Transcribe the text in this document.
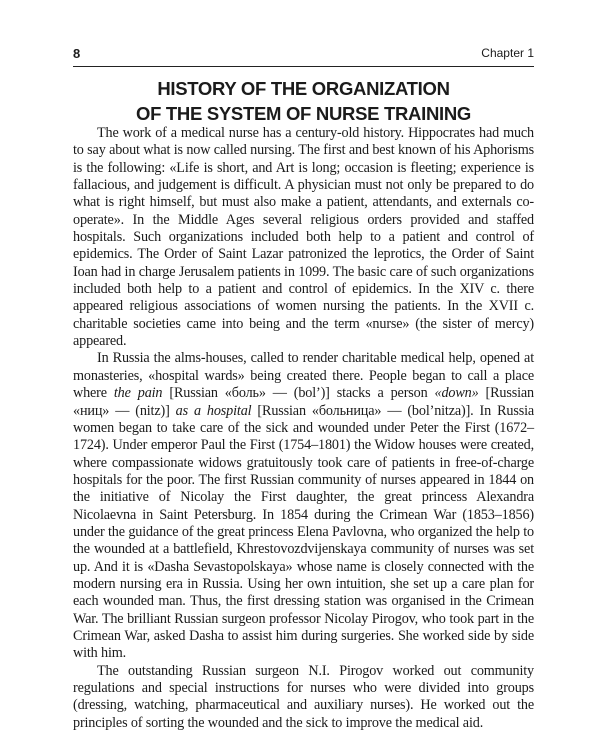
8	Chapter 1
HISTORY OF THE ORGANIZATION
OF THE SYSTEM OF NURSE TRAINING

The work of a medical nurse has a century-old history. Hippocrates had much to say about what is now called nursing. The first and best known of his Aphorisms is the following: «Life is short, and Art is long; occasion is fleeting; experience is fallacious, and judgement is difficult. A physician must not only be prepared to do what is right himself, but must also make a patient, attendants, and externals co-operate». In the Middle Ages several religious orders provided and staffed hospitals. Such organizations included both help to a patient and control of epidemics. The Order of Saint Lazar patronized the leprotics, the Order of Saint Ioan had in charge Jerusalem patients in 1099. The basic care of such organizations included both help to a patient and control of epidemics. In the XIV c. there appeared religious associations of women nursing the patients. In the XVII c. charitable societies came into being and the term «nurse» (the sister of mercy) appeared.

In Russia the alms-houses, called to render charitable medical help, opened at monasteries, «hospital wards» being created there. People began to call a place where the pain [Russian «боль» — (bol’)] stacks a person «down» [Russian «ниц» — (nitz)] as a hospital [Russian «больница» — (bol’nitza)]. In Russia women began to take care of the sick and wounded under Peter the First (1672–1724). Under emperor Paul the First (1754–1801) the Widow houses were created, where compassionate widows gratuitously took care of patients in free-of-charge hospitals for the poor. The first Russian community of nurses appeared in 1844 on the initiative of Nicolay the First daughter, the great princess Alexandra Nicolaevna in Saint Petersburg. In 1854 during the Crimean War (1853–1856) under the guidance of the great princess Elena Pavlovna, who organized the help to the wounded at a battlefield, Khrestovozdvijenskaya community of nurses was set up. And it is «Dasha Sevastopolskaya» whose name is closely connected with the modern nursing era in Russia. Using her own intuition, she set up a care plan for each wounded man. Thus, the first dressing station was organised in the Crimean War. The brilliant Russian surgeon professor Nicolay Pirogov, who took part in the Crimean War, asked Dasha to assist him during surgeries. She worked side by side with him.

The outstanding Russian surgeon N.I. Pirogov worked out community regulations and special instructions for nurses who were divided into groups (dressing, watching, pharmaceutical and auxiliary nurses). He worked out the principles of sorting the wounded and the sick to improve the medical aid.
